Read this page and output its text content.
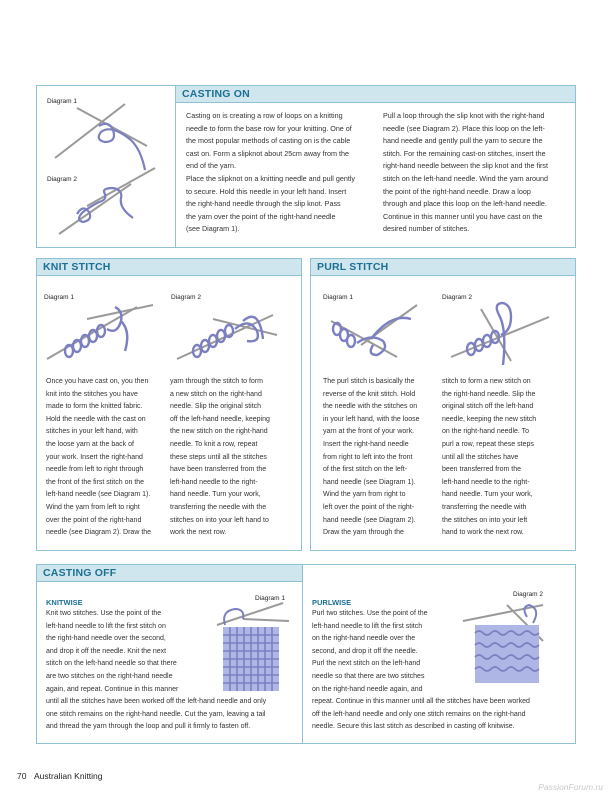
Diagram 1
Diagram 2
CASTING ON
Casting on is creating a row of loops on a knitting
needle to form the base row for your knitting. One of
the most popular methods of casting on is the cable
cast on. Form a slipknot about 25cm away from the
end of the yarn.
Place the slipknot on a knitting needle and pull gently
to secure. Hold this needle in your left hand. Insert
the right-hand needle through the slip knot. Pass
the yarn over the point of the right-hand needle
(see Diagram 1).
Pull a loop through the slip knot with the right-hand
needle (see Diagram 2). Place this loop on the left-
hand needle and gently pull the yarn to secure the
stitch. For the remaining cast-on stitches, insert the
right-hand needle between the slip knot and the first
stitch on the left-hand needle. Wind the yarn around
the point of the right-hand needle. Draw a loop
through and place this loop on the left-hand needle.
Continue in this manner until you have cast on the
desired number of stitches.
KNIT STITCH
Diagram 1	Diagram 2
Once you have cast on, you then
knit into the stitches you have
made to form the knitted fabric.
Hold the needle with the cast on
stitches in your left hand, with
the loose yarn at the back of
your work. Insert the right-hand
needle from left to right through
the front of the first stitch on the
left-hand needle (see Diagram 1).
Wind the yarn from left to right
over the point of the right-hand
needle (see Diagram 2). Draw the
yarn through the stitch to form
a new stitch on the right-hand
needle. Slip the original stitch
off the left-hand needle, keeping
the new stitch on the right-hand
needle. To knit a row, repeat
these steps until all the stitches
have been transferred from the
left-hand needle to the right-
hand needle. Turn your work,
transferring the needle with the
stitches on into your left hand to
work the next row.
PURL STITCH
Diagram 1	Diagram 2
The purl stitch is basically the
reverse of the knit stitch. Hold
the needle with the stitches on
in your left hand, with the loose
yarn at the front of your work.
Insert the right-hand needle
from right to left into the front
of the first stitch on the left-
hand needle (see Diagram 1).
Wind the yarn from right to
left over the point of the right-
hand needle (see Diagram 2).
Draw the yarn through the
stitch to form a new stitch on
the right-hand needle. Slip the
original stitch off the left-hand
needle, keeping the new stitch
on the right-hand needle. To
purl a row, repeat these steps
until all the stitches have
been transferred from the
left-hand needle to the right-
hand needle. Turn your work,
transferring the needle with
the stitches on into your left
hand to work the next row.
CASTING OFF
KNITWISE
Knit two stitches. Use the point of the
left-hand needle to lift the first stitch on
the right-hand needle over the second,
and drop it off the needle. Knit the next
stitch on the left-hand needle so that there
are two stitches on the right-hand needle
again, and repeat. Continue in this manner
Diagram 1
until all the stitches have been worked off the left-hand needle and only
one stitch remains on the right-hand needle. Cut the yarn, leaving a tail
and thread the yarn through the loop and pull it firmly to fasten off.
PURLWISE
Purl two stitches. Use the point of the
left-hand needle to lift the first stitch
on the right-hand needle over the
second, and drop it off the needle.
Purl the next stitch on the left-hand
needle so that there are two stitches
on the right-hand needle again, and
Diagram 2
repeat. Continue in this manner until all the stitches have been worked
off the left-hand needle and only one stitch remains on the right-hand
needle. Secure this last stitch as described in casting off knitwise.
70 Australian Knitting
PassionForum.ru
